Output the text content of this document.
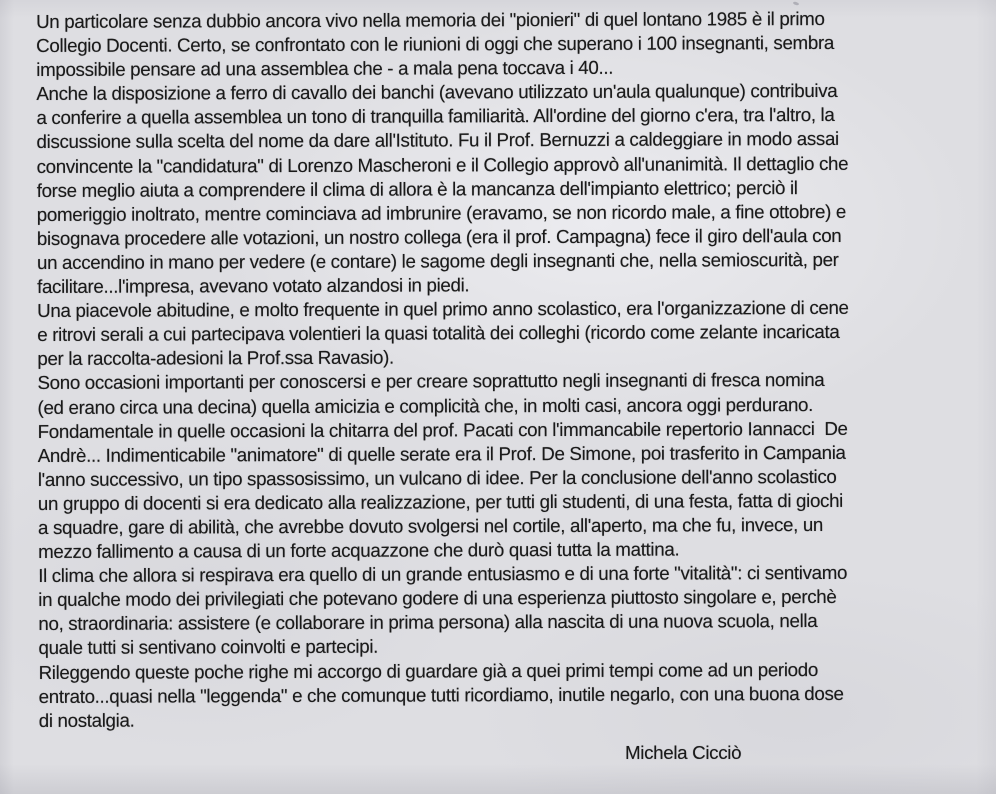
Un particolare senza dubbio ancora vivo nella memoria dei "pionieri" di quel lontano 1985 è il primo
Collegio Docenti. Certo, se confrontato con le riunioni di oggi che superano i 100 insegnanti, sembra
impossibile pensare ad una assemblea che - a mala pena toccava i 40...
Anche la disposizione a ferro di cavallo dei banchi (avevano utilizzato un'aula qualunque) contribuiva
a conferire a quella assemblea un tono di tranquilla familiarità. All'ordine del giorno c'era, tra l'altro, la
discussione sulla scelta del nome da dare all'Istituto. Fu il Prof. Bernuzzi a caldeggiare in modo assai
convincente la "candidatura" di Lorenzo Mascheroni e il Collegio approvò all'unanimità. Il dettaglio che
forse meglio aiuta a comprendere il clima di allora è la mancanza dell'impianto elettrico; perciò il
pomeriggio inoltrato, mentre cominciava ad imbrunire (eravamo, se non ricordo male, a fine ottobre) e
bisognava procedere alle votazioni, un nostro collega (era il prof. Campagna) fece il giro dell'aula con
un accendino in mano per vedere (e contare) le sagome degli insegnanti che, nella semioscurità, per
facilitare...l'impresa, avevano votato alzandosi in piedi.
Una piacevole abitudine, e molto frequente in quel primo anno scolastico, era l'organizzazione di cene
e ritrovi serali a cui partecipava volentieri la quasi totalità dei colleghi (ricordo come zelante incaricata
per la raccolta-adesioni la Prof.ssa Ravasio).
Sono occasioni importanti per conoscersi e per creare soprattutto negli insegnanti di fresca nomina
(ed erano circa una decina) quella amicizia e complicità che, in molti casi, ancora oggi perdurano.
Fondamentale in quelle occasioni la chitarra del prof. Pacati con l'immancabile repertorio Iannacci  De
Andrè... Indimenticabile "animatore" di quelle serate era il Prof. De Simone, poi trasferito in Campania
l'anno successivo, un tipo spassosissimo, un vulcano di idee. Per la conclusione dell'anno scolastico
un gruppo di docenti si era dedicato alla realizzazione, per tutti gli studenti, di una festa, fatta di giochi
a squadre, gare di abilità, che avrebbe dovuto svolgersi nel cortile, all'aperto, ma che fu, invece, un
mezzo fallimento a causa di un forte acquazzone che durò quasi tutta la mattina.
Il clima che allora si respirava era quello di un grande entusiasmo e di una forte "vitalità": ci sentivamo
in qualche modo dei privilegiati che potevano godere di una esperienza piuttosto singolare e, perchè
no, straordinaria: assistere (e collaborare in prima persona) alla nascita di una nuova scuola, nella
quale tutti si sentivano coinvolti e partecipi.
Rileggendo queste poche righe mi accorgo di guardare già a quei primi tempi come ad un periodo
entrato...quasi nella "leggenda" e che comunque tutti ricordiamo, inutile negarlo, con una buona dose
di nostalgia.
Michela Cicciò
